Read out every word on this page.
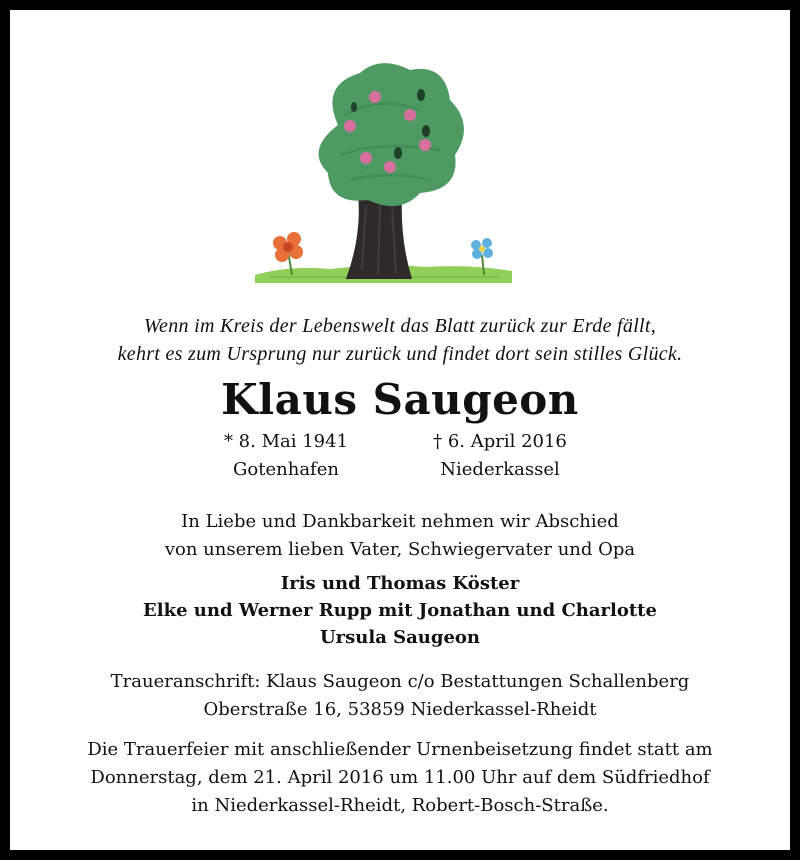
Wenn im Kreis der Lebenswelt das Blatt zurück zur Erde fällt,
kehrt es zum Ursprung nur zurück und findet dort sein stilles Glück.
Klaus Saugeon
* 8. Mai 1941
Gotenhafen
† 6. April 2016
Niederkassel
In Liebe und Dankbarkeit nehmen wir Abschied
von unserem lieben Vater, Schwiegervater und Opa
Iris und Thomas Köster
Elke und Werner Rupp mit Jonathan und Charlotte
Ursula Saugeon
Traueranschrift: Klaus Saugeon c/o Bestattungen Schallenberg
Oberstraße 16, 53859 Niederkassel-Rheidt
Die Trauerfeier mit anschließender Urnenbeisetzung findet statt am
Donnerstag, dem 21. April 2016 um 11.00 Uhr auf dem Südfriedhof
in Niederkassel-Rheidt, Robert-Bosch-Straße.
